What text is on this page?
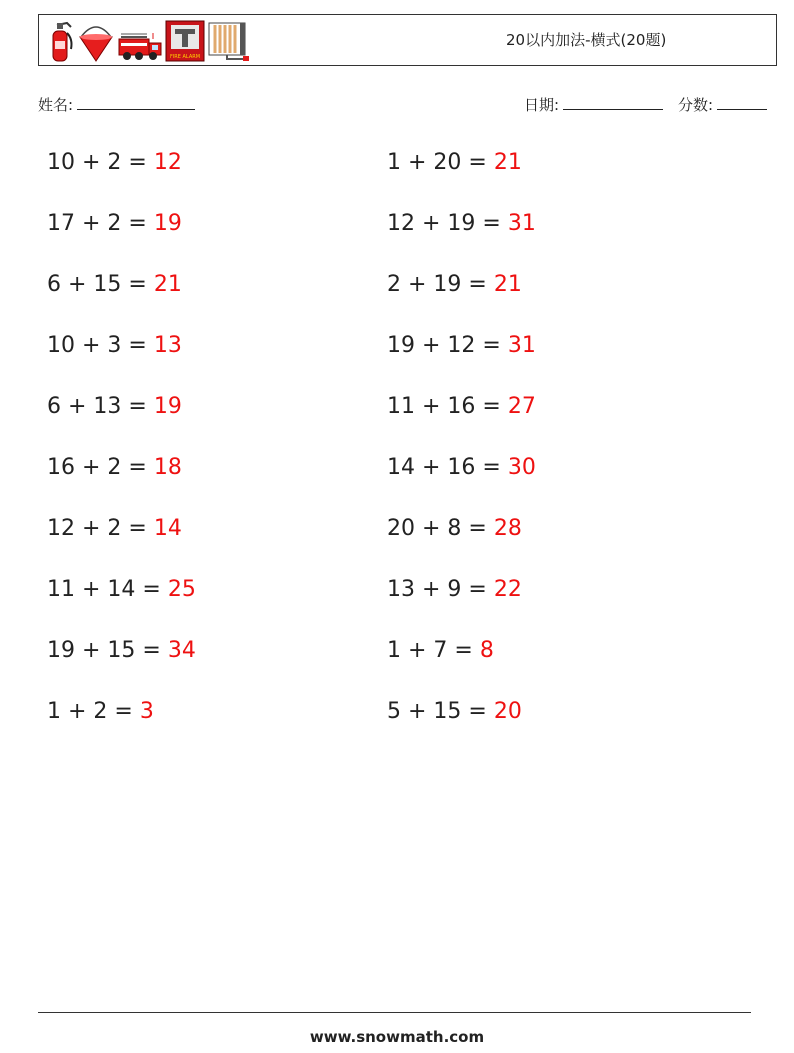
FIRE ALARM
20以内加法-横式(20题)
姓名:	日期:	分数:
10 + 2 = 12
17 + 2 = 19
6 + 15 = 21
10 + 3 = 13
6 + 13 = 19
16 + 2 = 18
12 + 2 = 14
11 + 14 = 25
19 + 15 = 34
1 + 2 = 3
1 + 20 = 21
12 + 19 = 31
2 + 19 = 21
19 + 12 = 31
11 + 16 = 27
14 + 16 = 30
20 + 8 = 28
13 + 9 = 22
1 + 7 = 8
5 + 15 = 20
www.snowmath.com
